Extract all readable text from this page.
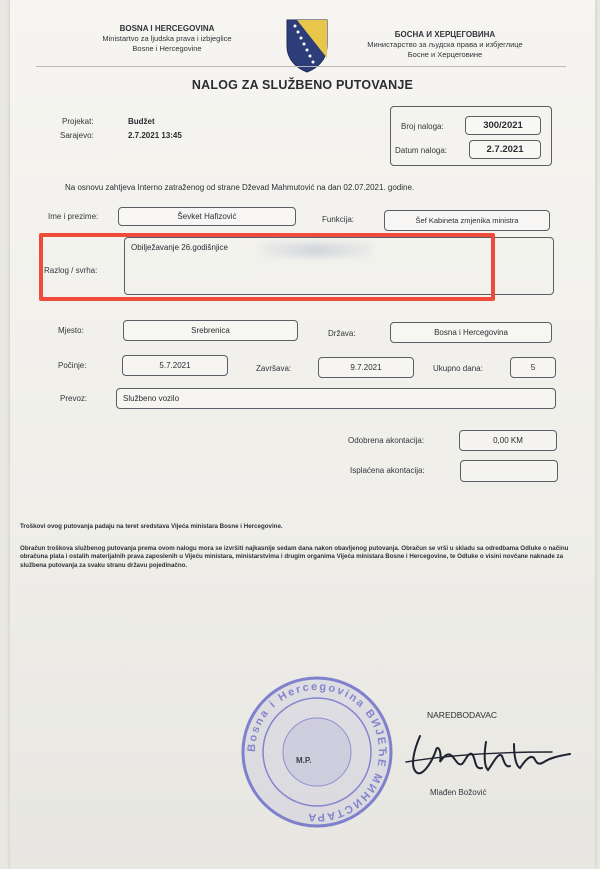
BOSNA I HERCEGOVINA
Ministartvo za ljudska prava i izbjeglice
Bosne i Hercegovine
БОСНА И ХЕРЦЕГОВИНА
Министарство за људска права и избјеглице
Босне и Херцеговине
NALOG ZA SLUŽBENO PUTOVANJE
Projekat:	Budžet
Sarajevo:	2.7.2021 13:45
Broj naloga:	300/2021
Datum naloga:	2.7.2021
Na osnovu zahtjeva Interno zatraženog od strane Dževad Mahmutović na dan 02.07.2021. godine.
Ime i prezime:	Ševket Hafizović	Funkcija:	Šef Kabineta zmjenika ministra
Razlog / svrha:
Obilježavanje 26.godišnjice
Mjesto:	Srebrenica	Država:	Bosna i Hercegovina
Počinje:	5.7.2021	Završava:	9.7.2021	Ukupno dana:	5
Prevoz:	Službeno vozilo
Odobrena akontacija:	0,00 KM
Isplaćena akontacija:
Troškovi ovog putovanja padaju na teret sredstava Vijeća ministara Bosne i Hercegovine.
Obračun troškova službenog putovanja prema ovom nalogu mora se izvršiti najkasnije sedam dana nakon obavljenog putovanja. Obračun se vrši u skladu sa odredbama Odluke o načinu obračuna plata i ostalih materijalnih prava zaposlenih u Vijeću ministara, ministarstvima i drugim organima Vijeća ministara Bosne i Hercegovine, te Odluke o visini novčane naknade za službena putovanja za svaku stranu državu pojedinačno.
Bosna i Hercegovina ВИЈЕЋЕ МИНИСТАРА
M.P.
NAREDBODAVAC
Mlađen Božović
